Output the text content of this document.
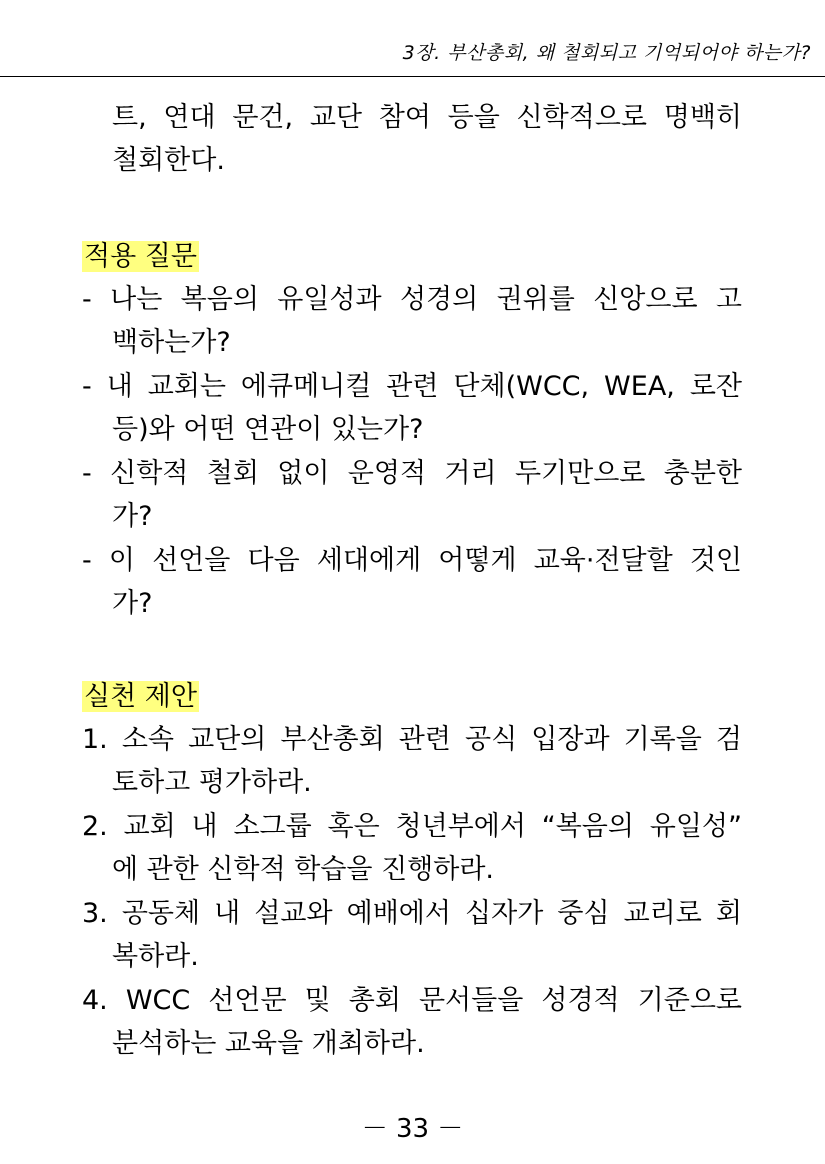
3장. 부산총회, 왜 철회되고 기억되어야 하는가?
트, 연대 문건, 교단 참여 등을 신학적으로 명백히
철회한다.
적용 질문
- 나는 복음의 유일성과 성경의 권위를 신앙으로 고
백하는가?
- 내 교회는 에큐메니컬 관련 단체(WCC, WEA, 로잔
등)와 어떤 연관이 있는가?
- 신학적 철회 없이 운영적 거리 두기만으로 충분한
가?
- 이 선언을 다음 세대에게 어떻게 교육·전달할 것인
가?
실천 제안
1. 소속 교단의 부산총회 관련 공식 입장과 기록을 검
토하고 평가하라.
2. 교회 내 소그룹 혹은 청년부에서 “복음의 유일성”
에 관한 신학적 학습을 진행하라.
3. 공동체 내 설교와 예배에서 십자가 중심 교리로 회
복하라.
4. WCC 선언문 및 총회 문서들을 성경적 기준으로
분석하는 교육을 개최하라.
－ 33 －
